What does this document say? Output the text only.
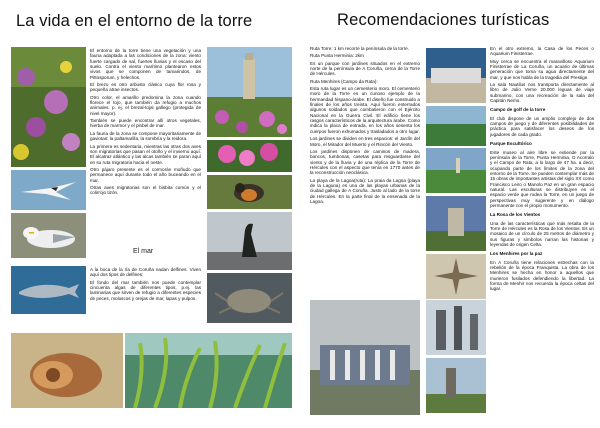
La vida en el entorno de la torre

El entorno de la torre tiene una vegetación y una fauna adaptada a las condiciones de la zona: viento fuerte cargado de sal, fuertes lluvias y el escaso del suelo. Contra el viento marítimo plantearon estos vivos que se componen de tamarindos, de Pittosporum, y helechos.

El brezo es otro arbusto clásico cuya flor rosa y pequeña atrae insectos.

Otro color, el amarillo predomina la zona cuando florece el tojo, que también da refugio a muchos animales. p. ej. el brezal-tojal gallego (protegida de nivel mayor).

También se puede encontrar allí otros vegetales, hierba de marmor y el pinbel de mar.

La fauna de la zona se compone mayoritariamente de gaviotas: la paltamarilla, la sombría y la reidora.

La primera es sedentaria, mientras las otras dos aves son migratorias que pasan el otoño y el invierno aquí. El alcatraz atlántico y las alcas también se paran aquí en su ruta migratoria hacia el oeste.

Otro pájaro presente es el cormorán moñudo que permanece aquí durante todo el año buceando en el mar.

Otras aves migratorias son el bisbita común y el colirrojo tizón.

El mar

A la boca de la ría de Coruña nadan delfines. Viven aquí dos tipos de delfines:

El fondo del mar también nos puede contemplar cincuenta algas de diferentes tipos, p.ej. las laminarias que sirven de refugio a diferentes especies de peces, moluscos y orejas de mar, lapas y pulpos.

Recomendaciones turísticas

Ruta Torre: 1 km recorre la península de la torre.

Ruta Punta Herminia: 2km

Es un parque con jardines situados en el extremo norte de la península de A Coruña, cerca de la Torre de Hércules.

Ruta Menhires (Campo da Rata):

Esta ruta lugar es un cementerio moro. El cementerio moro de la Torre es un curioso ejemplo de la hermandad hispano-árabe. El diseño fue construido a finales de los años treinta. Aquí fueron enterrados algunos soldados que combatieron con el Ejército Nacional en la Guerra Civil. El edificio tiene los rasgos característicos de la arquitectura árabe. Como indica la placa de entrada, en los años sesenta los cuerpos fueron exhumados y trasladados a otro lugar.

Los jardines se dividen en tres espacios: el Jardín del Moro, el Mirador del Muerto y el Rincón del Viento.

Los jardines disponen de caminos de madera, bancos, tumbonas, casetas para resguardarse del viento y de la lluvia y de una réplica de la Torre de Hércules con el aspecto que tenía en 1770 antes de la reconstrucción neoclásica.

La playa de la Lagoa(ruta): La praia da Lagoa (playa de la Laguna) es una de las playas urbanas de la ciudad gallega de A Coruña. Justo al lado de la torre de Hércules. En la parte final de la ensenada de la Lagoa.

En el otro extremo, la Casa de los Peces o Aquarium Finisterrae.

Muy cerca se encuentra el maravilloso Aquarium Finisterrae de La Coruña, un acuario de últimas generación que toma su agua directamente del mar, y que nos habla de la tragedia del Prestige.

La sala Nautilus nos transporta directamente al libro de Julio Verne 20.000 leguas de viaje submarino, con una recreación de la sala del Capitán Nemo.

Campo de golf de la torre

El club dispone de un amplio complejo de dos campos de juego y de diferentes posibilidades de práctica para satisfacer los deseos de los jugadores de cada grado.

Parque Escultórico

Este museo al aire libre se extiende por la península de la Torre, Punta Herminia, O Acorralo y el Campo de Rata, a lo largo de 47 ha. a decir, ocupando parte de los límites de la zona del entorno de la Torre. Se pueden contemplar más de 15 obras de importantes artistas del siglo XX como Francisco Leiro o Manolo Paz en un gran espacio natural. Las esculturas se distribuyen en el espacio verde que rodea la Torre, en un juego de perspectivas muy sugerente y en diálogo permanente con el propio monumento.

La Rosa de los Vientos

Una de las características que más resalta de la Torre de Hércules es la Rosa de los Vientos. Es un mosaico de un círculo de 25 metros de diámetro y sus figuras y símbolos narran las historias y leyendas de origen Celta.

Los Menhires por la paz

En A Coruña tiene relaciones estrechas con la rebelión de la época Franquista. La obra de los Menhires se hecha en honor a aquellos que murieron fusilados defendiendo la libertad. La forma de Menhir nos recuerda la época celtas del lugar.
